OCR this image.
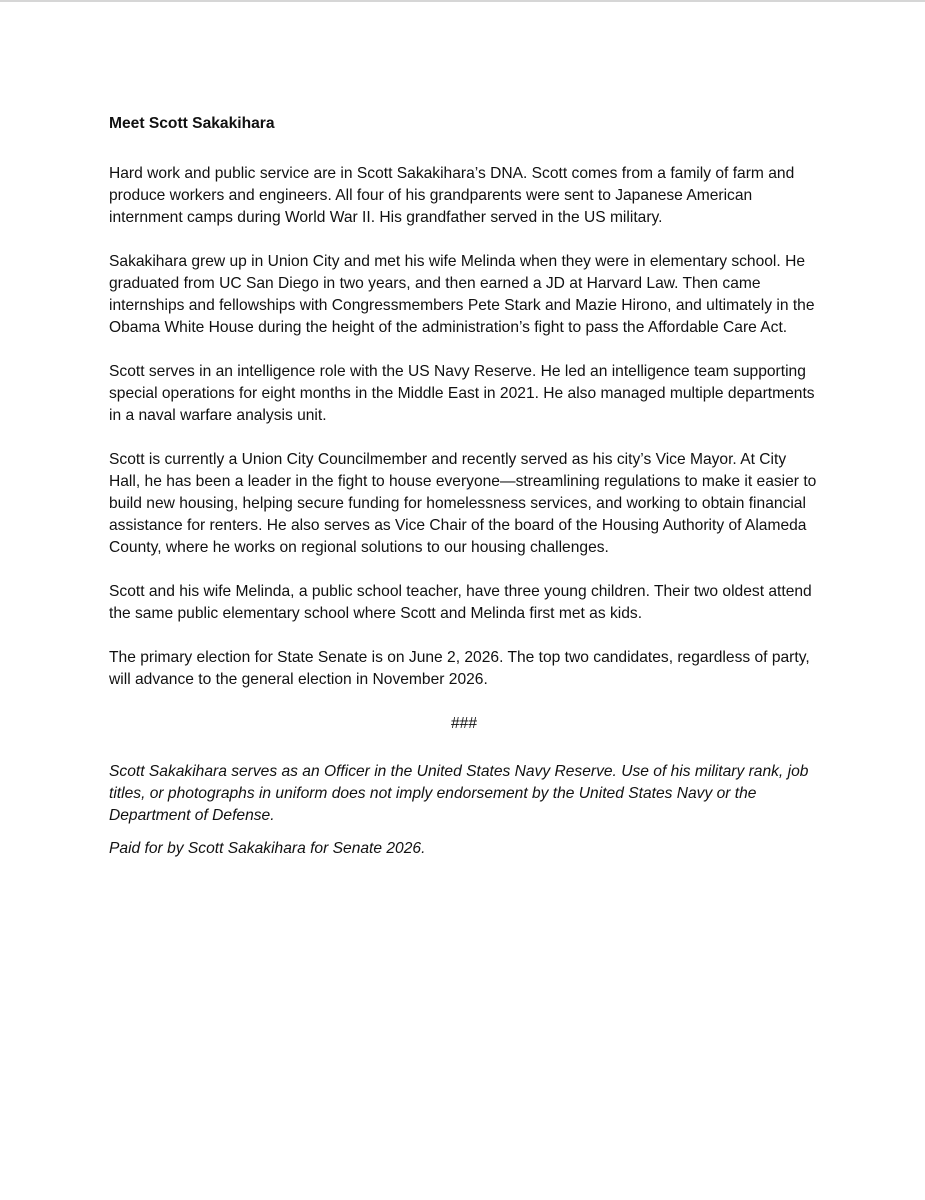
Meet Scott Sakakihara

Hard work and public service are in Scott Sakakihara’s DNA. Scott comes from a family of farm and produce workers and engineers. All four of his grandparents were sent to Japanese American internment camps during World War II. His grandfather served in the US military.

Sakakihara grew up in Union City and met his wife Melinda when they were in elementary school. He graduated from UC San Diego in two years, and then earned a JD at Harvard Law. Then came internships and fellowships with Congressmembers Pete Stark and Mazie Hirono, and ultimately in the Obama White House during the height of the administration’s fight to pass the Affordable Care Act.

Scott serves in an intelligence role with the US Navy Reserve. He led an intelligence team supporting special operations for eight months in the Middle East in 2021. He also managed multiple departments in a naval warfare analysis unit.

Scott is currently a Union City Councilmember and recently served as his city’s Vice Mayor. At City Hall, he has been a leader in the fight to house everyone—streamlining regulations to make it easier to build new housing, helping secure funding for homelessness services, and working to obtain financial assistance for renters. He also serves as Vice Chair of the board of the Housing Authority of Alameda County, where he works on regional solutions to our housing challenges.

Scott and his wife Melinda, a public school teacher, have three young children. Their two oldest attend the same public elementary school where Scott and Melinda first met as kids.

The primary election for State Senate is on June 2, 2026. The top two candidates, regardless of party, will advance to the general election in November 2026.

###

Scott Sakakihara serves as an Officer in the United States Navy Reserve. Use of his military rank, job titles, or photographs in uniform does not imply endorsement by the United States Navy or the Department of Defense.

Paid for by Scott Sakakihara for Senate 2026.
